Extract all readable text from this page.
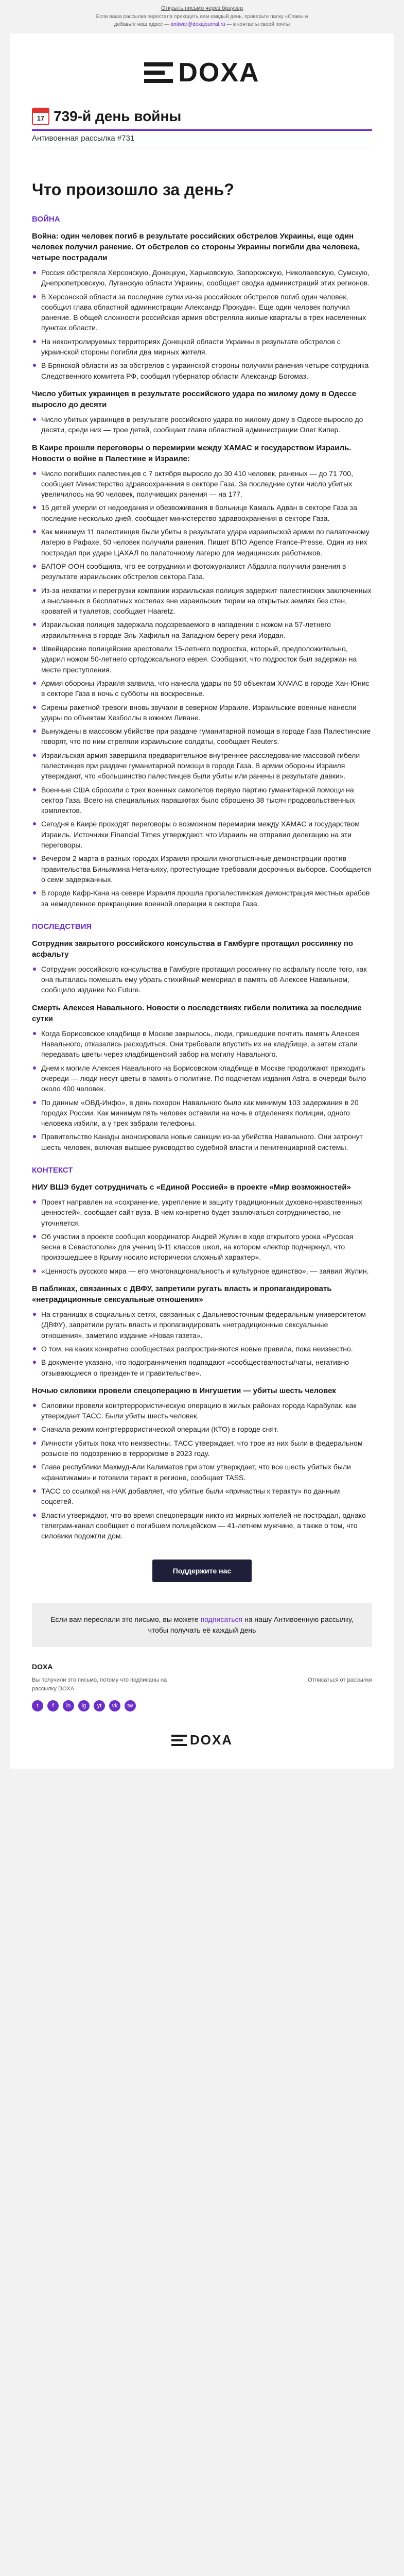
Открыть письмо через браузер
Если ваша рассылка перестала приходить вам каждый день, проверьте папку «Спам» и добавьте наш адрес — antiwar@doxajournal.ru — в контакты своей почты
DOXA
17 739-й день войны
Антивоенная рассылка #731
Что произошло за день?
ВОЙНА

Война: один человек погиб в результате российских обстрелов Украины, еще один человек получил ранение. От обстрелов со стороны Украины погибли два человека, четыре пострадали

Россия обстреляла Херсонскую, Донецкую, Харьковскую, Запорожскую, Николаевскую, Сумскую, Днепропетровскую, Луганскую области Украины, сообщает сводка администраций этих регионов.
В Херсонской области за последние сутки из-за российских обстрелов погиб один человек, сообщил глава областной администрации Александр Прокудин. Еще один человек получил ранение. В общей сложности российская армия обстреляла жилые кварталы в трех населенных пунктах области.
На неконтролируемых территориях Донецкой области Украины в результате обстрелов с украинской стороны погибли два мирных жителя.
В Брянской области из-за обстрелов с украинской стороны получили ранения четыре сотрудника Следственного комитета РФ, сообщил губернатор области Александр Богомаз.

Число убитых украинцев в результате российского удара по жилому дому в Одессе выросло до десяти

Число убитых украинцев в результате российского удара по жилому дому в Одессе выросло до десяти, среди них — трое детей, сообщает глава областной администрации Олег Кипер.

В Каире прошли переговоры о перемирии между ХАМАС и государством Израиль. Новости о войне в Палестине и Израиле:

Число погибших палестинцев с 7 октября выросло до 30 410 человек, раненых — до 71 700, сообщает Министерство здравоохранения в секторе Газа. За последние сутки число убитых увеличилось на 90 человек, получивших ранения — на 177.
15 детей умерли от недоедания и обезвоживания в больнице Камаль Адван в секторе Газа за последние несколько дней, сообщает министерство здравоохранения в секторе Газа.
Как минимум 11 палестинцев были убиты в результате удара израильской армии по палаточному лагерю в Рафахе, 50 человек получили ранения. Пишет ВПО Agence France-Presse. Один из них пострадал при ударе ЦАХАЛ по палаточному лагерю для медицинских работников.
БАПОР ООН сообщила, что ее сотрудники и фотожурналист Абдалла получили ранения в результате израильских обстрелов сектора Газа.
Из-за нехватки и перегрузки компании израильская полиция задержит палестинских заключенных и высланных в бесплатных хостелах вне израильских тюрем на открытых землях без стен, кроватей и туалетов, сообщает Haaretz.
Израильская полиция задержала подозреваемого в нападении с ножом на 57-летнего израильтянина в городе Эль-Хафилья на Западном берегу реки Иордан.
Швейцарские полицейские арестовали 15-летнего подростка, который, предположительно, ударил ножом 50-летнего ортодоксального еврея. Сообщают, что подросток был задержан на месте преступления.
Армия обороны Израиля заявила, что нанесла удары по 50 объектам ХАМАС в городе Хан-Юнис в секторе Газа в ночь с субботы на воскресенье.
Сирены ракетной тревоги вновь звучали в северном Израиле. Израильские военные нанесли удары по объектам Хезболлы в южном Ливане.
Вынуждены в массовом убийстве при раздаче гуманитарной помощи в городе Газа Палестинские говорят, что по ним стреляли израильские солдаты, сообщает Reuters.
Израильская армия завершила предварительное внутреннее расследование массовой гибели палестинцев при раздаче гуманитарной помощи в городе Газа. В армии обороны Израиля утверждают, что «большинство палестинцев были убиты или ранены в результате давки».
Военные США сбросили с трех военных самолетов первую партию гуманитарной помощи на сектор Газа. Всего на специальных парашютах было сброшено 38 тысяч продовольственных комплектов.
Сегодня в Каире проходят переговоры о возможном перемирии между ХАМАС и государством Израиль. Источники Financial Times утверждают, что Израиль не отправил делегацию на эти переговоры.
Вечером 2 марта в разных городах Израиля прошли многотысячные демонстрации против правительства Биньямина Нетаньяху, протестующие требовали досрочных выборов. Сообщается о семи задержанных.
В городе Кафр-Кана на севере Израиля прошла пропалестинская демонстрация местных арабов за немедленное прекращение военной операции в секторе Газа.
ПОСЛЕДСТВИЯ

Сотрудник закрытого российского консульства в Гамбурге протащил россиянку по асфальту

Сотрудник российского консульства в Гамбурге протащил россиянку по асфальту после того, как она пыталась помешать ему убрать стихийный мемориал в память об Алексее Навальном, сообщило издание No Future.

Смерть Алексея Навального. Новости о последствиях гибели политика за последние сутки

Когда Борисовское кладбище в Москве закрылось, люди, пришедшие почтить память Алексея Навального, отказались расходиться. Они требовали впустить их на кладбище, а затем стали передавать цветы через кладбищенский забор на могилу Навального.
Днем к могиле Алексея Навального на Борисовском кладбище в Москве продолжают приходить очереди — люди несут цветы в память о политике. По подсчетам издания Astra, в очереди было около 400 человек.
По данным «ОВД-Инфо», в день похорон Навального было как минимум 103 задержания в 20 городах России. Как минимум пять человек оставили на ночь в отделениях полиции, одного человека избили, а у трех забрали телефоны.
Правительство Канады анонсировала новые санкции из-за убийства Навального. Они затронут шесть человек, включая высшее руководство судебной власти и пенитенциарной системы.
КОНТЕКСТ

НИУ ВШЭ будет сотрудничать с «Единой Россией» в проекте «Мир возможностей»

Проект направлен на «сохранение, укрепление и защиту традиционных духовно-нравственных ценностей», сообщает сайт вуза. В чем конкретно будет заключаться сотрудничество, не уточняется.
Об участии в проекте сообщил координатор Андрей Жулин в ходе открытого урока «Русская весна в Севастополе» для учениц 9-11 классов школ, на котором «лектор подчеркнул, что произошедшее в Крыму носило исторически сложный характер».
«Ценность русского мира — его многонациональность и культурное единство», — заявил Жулин.

В пабликах, связанных с ДВФУ, запретили ругать власть и пропагандировать «нетрадиционные сексуальные отношения»

На страницах в социальных сетях, связанных с Дальневосточным федеральным университетом (ДВФУ), запретили ругать власть и пропагандировать «нетрадиционные сексуальные отношения», заметило издание «Новая газета».
О том, на каких конкретно сообществах распространяются новые правила, пока неизвестно.
В документе указано, что подогранничения подпадают «сообщества/посты/чаты, негативно отзывающиеся о президенте и правительстве».

Ночью силовики провели спецоперацию в Ингушетии — убиты шесть человек

Силовики провели контртеррористическую операцию в жилых районах города Карабулак, как утверждает ТАСС. Были убиты шесть человек.
Сначала режим контртеррористической операции (КТО) в городе снят.
Личности убитых пока что неизвестны. ТАСС утверждает, что трое из них были в федеральном розыске по подозрению в терроризме в 2023 году.
Глава республики Махмуд-Али Калиматов при этом утверждает, что все шесть убитых были «фанатиками» и готовили теракт в регионе, сообщает TASS.
ТАСС со ссылкой на НАК добавляет, что убитые были «причастны к теракту» по данным соцсетей.
Власти утверждают, что во время спецоперации никто из мирных жителей не пострадал, однако телеграм-канал сообщает о погибшем полицейском — 41-летнем мужчине, а также о том, что силовики подожгли дом.
Поддержите нас
Если вам переслали это письмо, вы можете подписаться на нашу Антивоенную рассылку, чтобы получать её каждый день
DOXA
Вы получили это письмо, потому что подписаны на рассылку DOXA.
Отписаться от рассылки
t	f	in	ig	yt	vk	tw
DOXA
